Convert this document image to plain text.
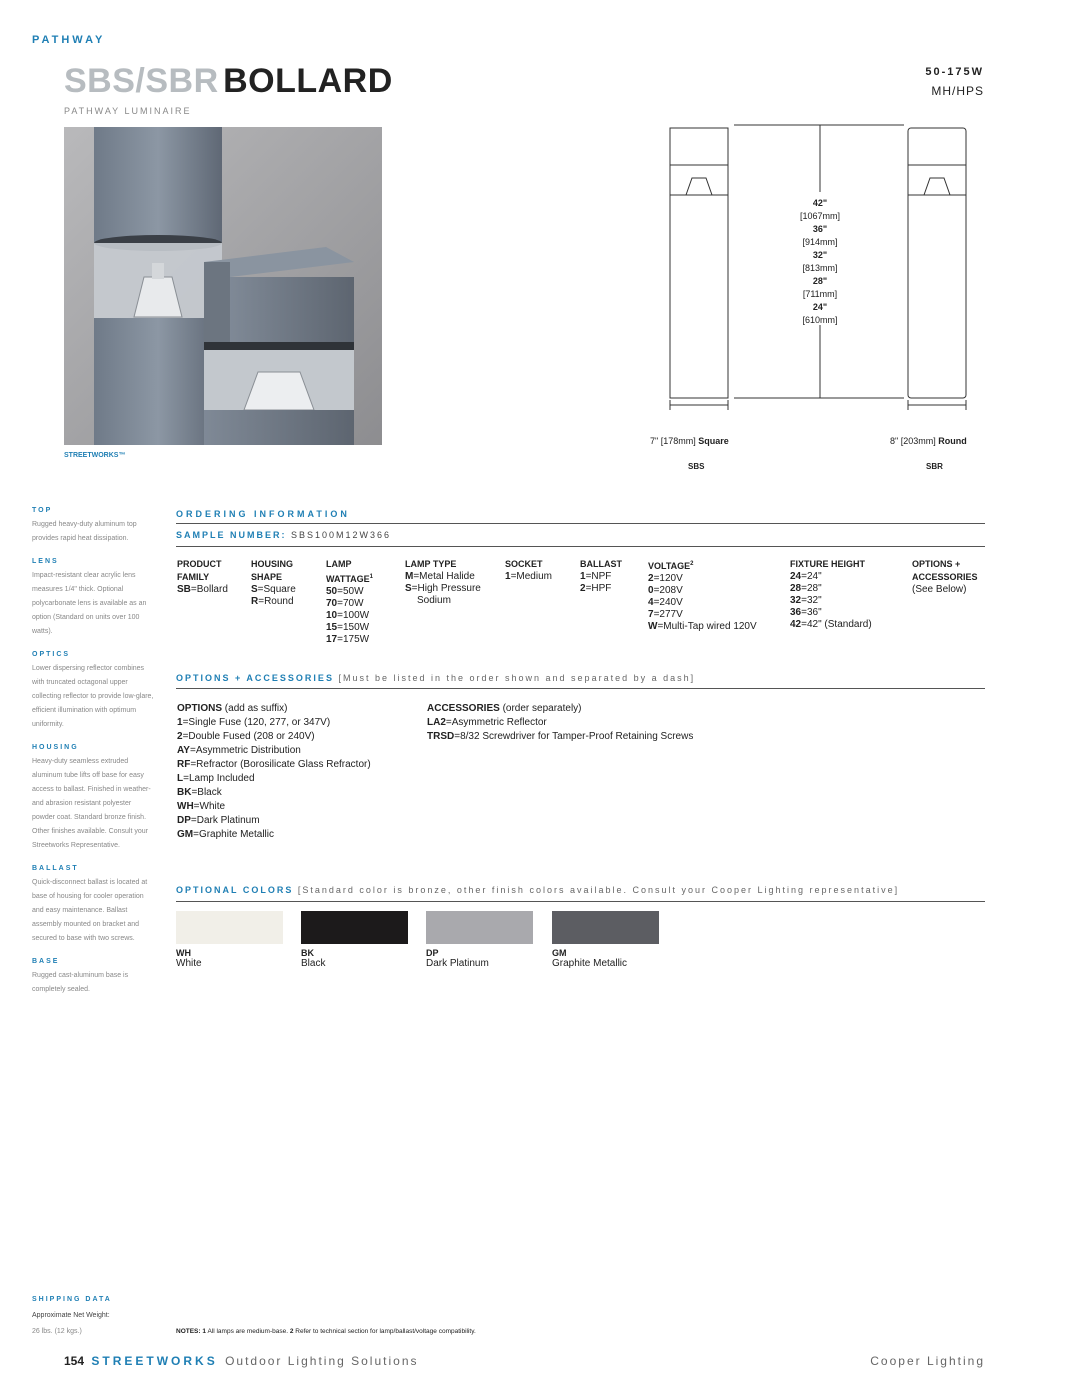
PATHWAY
SBS/SBR BOLLARD
PATHWAY LUMINAIRE
50-175W
MH/HPS
STREETWORKS™
42"
[1067mm]
36"
[914mm]
32"
[813mm]
28"
[711mm]
24"
[610mm]
7" [178mm] Square	8" [203mm] Round
SBS	SBR
TOP
Rugged heavy-duty aluminum top provides rapid heat dissipation.
LENS
Impact-resistant clear acrylic lens measures 1/4" thick. Optional polycarbonate lens is available as an option (Standard on units over 100 watts).
OPTICS
Lower dispersing reflector combines with truncated octagonal upper collecting reflector to provide low-glare, efficient illumination with optimum uniformity.
HOUSING
Heavy-duty seamless extruded aluminum tube lifts off base for easy access to ballast. Finished in weather- and abrasion resistant polyester powder coat. Standard bronze finish. Other finishes available. Consult your Streetworks Representative.
BALLAST
Quick-disconnect ballast is located at base of housing for cooler operation and easy maintenance. Ballast assembly mounted on bracket and secured to base with two screws.
BASE
Rugged cast-aluminum base is completely sealed.
ORDERING INFORMATION
SAMPLE NUMBER: SBS100M12W366
PRODUCT
FAMILY
SB=Bollard
HOUSING
SHAPE
S=Square
R=Round
LAMP
WATTAGE$^1$
50=50W
70=70W
10=100W
15=150W
17=175W
LAMP TYPE
M=Metal Halide
S=High Pressure
Sodium
SOCKET
1=Medium
BALLAST
1=NPF
2=HPF
VOLTAGE$^2$
2=120V
0=208V
4=240V
7=277V
W=Multi-Tap wired 120V
FIXTURE HEIGHT
24=24"
28=28"
32=32"
36=36"
42=42" (Standard)
OPTIONS +
ACCESSORIES
(See Below)
OPTIONS + ACCESSORIES [Must be listed in the order shown and separated by a dash]
OPTIONS (add as suffix)
1=Single Fuse (120, 277, or 347V)
2=Double Fused (208 or 240V)
AY=Asymmetric Distribution
RF=Refractor (Borosilicate Glass Refractor)
L=Lamp Included
BK=Black
WH=White
DP=Dark Platinum
GM=Graphite Metallic
ACCESSORIES (order separately)
LA2=Asymmetric Reflector
TRSD=8/32 Screwdriver for Tamper-Proof Retaining Screws
OPTIONAL COLORS [Standard color is bronze, other finish colors available. Consult your Cooper Lighting representative]
WH
White
BK
Black
DP
Dark Platinum
GM
Graphite Metallic
SHIPPING DATA
Approximate Net Weight:
26 lbs. (12 kgs.)	NOTES: 1 All lamps are medium-base. 2 Refer to technical section for lamp/ballast/voltage compatibility.
154 STREETWORKS Outdoor Lighting Solutions	Cooper Lighting
